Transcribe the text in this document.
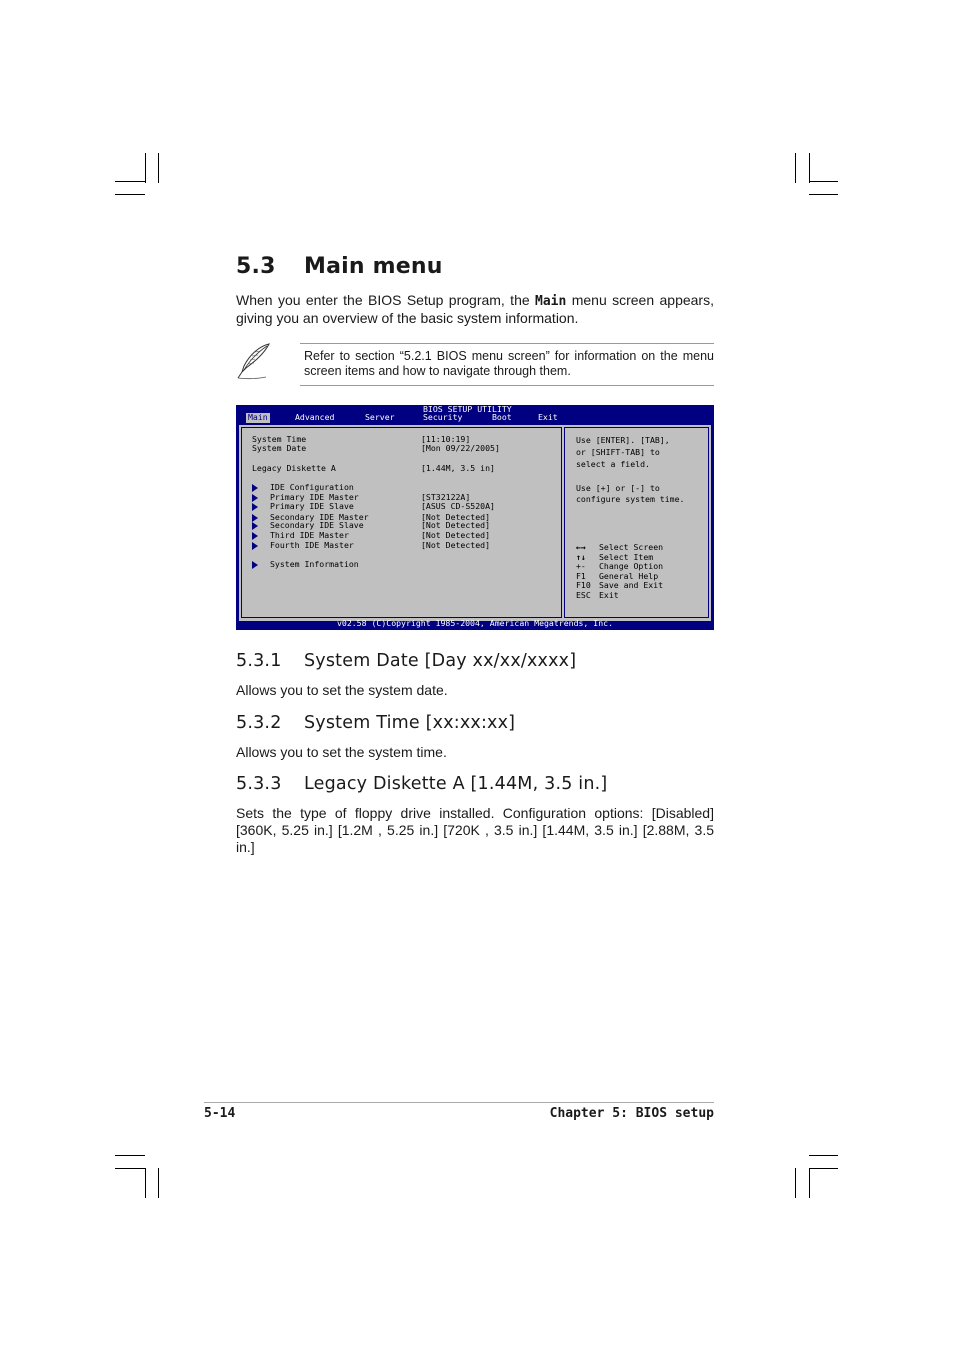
5.3 Main menu

When you enter the BIOS Setup program, the Main menu screen appears, giving you an overview of the basic system information.

Refer to section “5.2.1 BIOS menu screen” for information on the menu screen items and how to navigate through them.
BIOS SETUP UTILITY
Main	Advanced	Server	Security	Boot	Exit
System Time	[11:10:19]
System Date	[Mon 09/22/2005]
Legacy Diskette A	[1.44M, 3.5 in]
IDE Configuration
Primary IDE Master	[ST32122A]
Primary IDE Slave	[ASUS CD-S520A]
Secondary IDE Master	[Not Detected]
Secondary IDE Slave	[Not Detected]
Third IDE Master	[Not Detected]
Fourth IDE Master	[Not Detected]
System Information
Use [ENTER]. [TAB],
or [SHIFT-TAB] to
select a field.
Use [+] or [-] to
configure system time.
←→ Select Screen
↑↓ Select Item
+- Change Option
F1 General Help
F10 Save and Exit
ESC Exit
v02.58 (C)Copyright 1985-2004, American Megatrends, Inc.
5.3.1 System Date [Day xx/xx/xxxx]

Allows you to set the system date.

5.3.2 System Time [xx:xx:xx]

Allows you to set the system time.

5.3.3 Legacy Diskette A [1.44M, 3.5 in.]

Sets the type of floppy drive installed. Configuration options: [Disabled] [360K, 5.25 in.] [1.2M , 5.25 in.] [720K , 3.5 in.] [1.44M, 3.5 in.] [2.88M, 3.5 in.]

5-14	Chapter 5: BIOS setup
